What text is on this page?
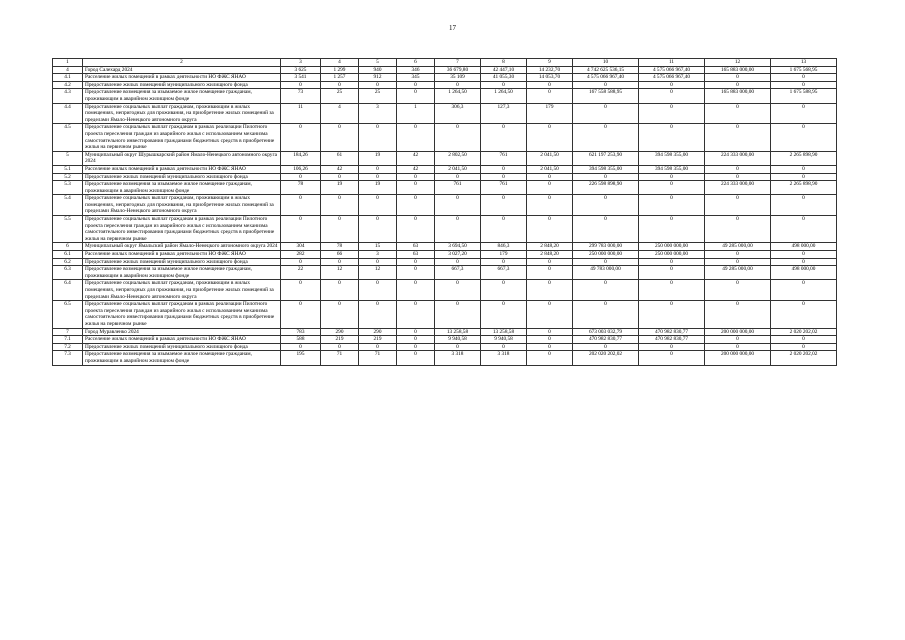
17
1	2	3	4	5	6	7	8	9	10	11	12	13
4	Город Салехард 2024	3 625	1 299	940	346	36 679,80	42 447,10	14 232,70	4 742 625 536,15	4 575 066 967,40	165 883 000,00	1 675 568,95
4.1	Расселение жилых помещений в рамках деятельности НО ФЖС ЯНАО	3 541	1 257	912	345	35 109	41 055,30	14 053,70	4 575 066 967,40	4 575 066 967,40	0	0
4.2	Предоставление жилых помещений муниципального жилищного фонда	0	0	0	0	0	0	0	0	0	0	0
4.3	Предоставление возмещения за изымаемое жилое помещение гражданам, проживающим в аварийном жилищном фонде	73	25	25	0	1 264,50	1 264,50	0	167 558 588,95	0	165 883 000,00	1 675 588,95
4.4	Предоставление социальных выплат гражданам, проживающим в жилых помещениях, непригодных для проживания, на приобретение жилых помещений за пределами Ямало-Ненецкого автономного округа	11	4	3	1	306,3	127,3	179	0	0	0	0
4.5	Предоставление социальных выплат гражданам в рамках реализации Пилотного проекта переселения граждан из аварийного жилья с использованием механизма самостоятельного инвестирования гражданами бюджетных средств в приобретение жилья на первичном рынке	0	0	0	0	0	0	0	0	0	0	0
5	Муниципальный округ Шурышкарский район Ямало-Ненецкого автономного округа 2024	184,26	61	19	42	2 802,50	761	2 041,50	621 197 253,90	394 598 355,00	224 333 000,00	2 265 898,90
5.1	Расселение жилых помещений в рамках деятельности НО ФЖС ЯНАО	106,26	42	0	42	2 041,50	0	2 041,50	394 598 355,00	394 598 355,00	0	0
5.2	Предоставление жилых помещений муниципального жилищного фонда	0	0	0	0	0	0	0	0	0	0	0
5.3	Предоставление возмещения за изымаемое жилое помещение гражданам, проживающим в аварийном жилищном фонде	78	19	19	0	761	761	0	226 598 898,90	0	224 333 000,00	2 265 898,90
5.4	Предоставление социальных выплат гражданам, проживающим в жилых помещениях, непригодных для проживания, на приобретение жилых помещений за пределами Ямало-Ненецкого автономного округа	0	0	0	0	0	0	0	0	0	0	0
5.5	Предоставление социальных выплат гражданам в рамках реализации Пилотного проекта переселения граждан из аварийного жилья с использованием механизма самостоятельного инвестирования гражданами бюджетных средств в приобретение жилья на первичном рынке	0	0	0	0	0	0	0	0	0	0	0
6	Муниципальный округ Ямальский район Ямало-Ненецкого автономного округа 2024	304	78	15	63	3 694,50	846,3	2 848,20	299 783 000,00	250 000 000,00	49 285 000,00	498 000,00
6.1	Расселение жилых помещений в рамках деятельности НО ФЖС ЯНАО	282	66	3	63	3 027,20	179	2 848,20	250 000 000,00	250 000 000,00	0	0
6.2	Предоставление жилых помещений муниципального жилищного фонда	0	0	0	0	0	0	0	0	0	0	0
6.3	Предоставление возмещения за изымаемое жилое помещение гражданам, проживающим в аварийном жилищном фонде	22	12	12	0	667,3	667,3	0	49 783 000,00	0	49 285 000,00	498 000,00
6.4	Предоставление социальных выплат гражданам, проживающим в жилых помещениях, непригодных для проживания, на приобретение жилых помещений за пределами Ямало-Ненецкого автономного округа	0	0	0	0	0	0	0	0	0	0	0
6.5	Предоставление социальных выплат гражданам в рамках реализации Пилотного проекта переселения граждан из аварийного жилья с использованием механизма самостоятельного инвестирования гражданами бюджетных средств в приобретение жилья на первичном рынке	0	0	0	0	0	0	0	0	0	0	0
7	Город Муравленко 2024	783	290	290	0	13 258,58	13 258,58	0	673 003 032,79	470 982 830,77	200 000 000,00	2 020 202,02
7.1	Расселение жилых помещений в рамках деятельности НО ФЖС ЯНАО	588	219	219	0	9 940,58	9 940,58	0	470 982 830,77	470 982 830,77	0	0
7.2	Предоставление жилых помещений муниципального жилищного фонда	0	0	0	0	0	0	0	0	0	0	0
7.3	Предоставление возмещения за изымаемое жилое помещение гражданам, проживающим в аварийном жилищном фонде	195	71	71	0	3 318	3 318	0	202 020 202,02	0	200 000 000,00	2 020 202,02
